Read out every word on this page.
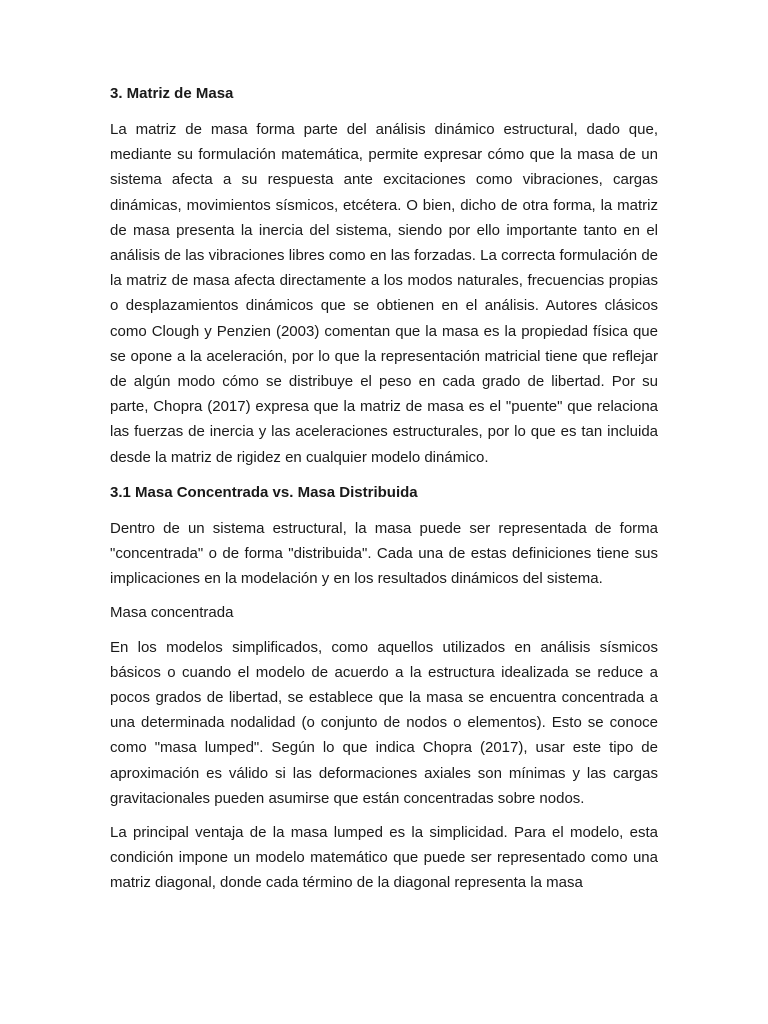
3. Matriz de Masa

La matriz de masa forma parte del análisis dinámico estructural, dado que, mediante su formulación matemática, permite expresar cómo que la masa de un sistema afecta a su respuesta ante excitaciones como vibraciones, cargas dinámicas, movimientos sísmicos, etcétera. O bien, dicho de otra forma, la matriz de masa presenta la inercia del sistema, siendo por ello importante tanto en el análisis de las vibraciones libres como en las forzadas. La correcta formulación de la matriz de masa afecta directamente a los modos naturales, frecuencias propias o desplazamientos dinámicos que se obtienen en el análisis. Autores clásicos como Clough y Penzien (2003) comentan que la masa es la propiedad física que se opone a la aceleración, por lo que la representación matricial tiene que reflejar de algún modo cómo se distribuye el peso en cada grado de libertad. Por su parte, Chopra (2017) expresa que la matriz de masa es el "puente" que relaciona las fuerzas de inercia y las aceleraciones estructurales, por lo que es tan incluida desde la matriz de rigidez en cualquier modelo dinámico.

3.1 Masa Concentrada vs. Masa Distribuida

Dentro de un sistema estructural, la masa puede ser representada de forma "concentrada" o de forma "distribuida". Cada una de estas definiciones tiene sus implicaciones en la modelación y en los resultados dinámicos del sistema.

Masa concentrada

En los modelos simplificados, como aquellos utilizados en análisis sísmicos básicos o cuando el modelo de acuerdo a la estructura idealizada se reduce a pocos grados de libertad, se establece que la masa se encuentra concentrada a una determinada nodalidad (o conjunto de nodos o elementos). Esto se conoce como "masa lumped". Según lo que indica Chopra (2017), usar este tipo de aproximación es válido si las deformaciones axiales son mínimas y las cargas gravitacionales pueden asumirse que están concentradas sobre nodos.

La principal ventaja de la masa lumped es la simplicidad. Para el modelo, esta condición impone un modelo matemático que puede ser representado como una matriz diagonal, donde cada término de la diagonal representa la masa
